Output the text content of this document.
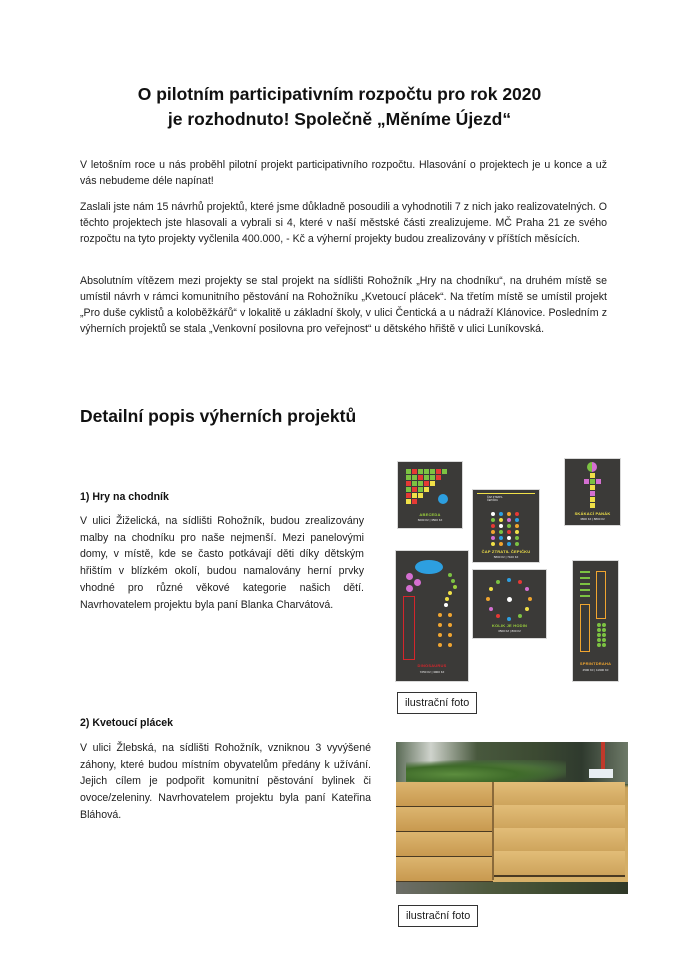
O pilotním participativním rozpočtu pro rok 2020
je rozhodnuto! Společně „Měníme Újezd“

V letošním roce u nás proběhl pilotní projekt participativního rozpočtu. Hlasování o projektech je u konce a už vás nebudeme déle napínat!

Zaslali jste nám 15 návrhů projektů, které jsme důkladně posoudili a vyhodnotili 7 z nich jako realizovatelných. O těchto projektech jste hlasovali a vybrali si 4, které v naší městské části zrealizujeme. MČ Praha 21 ze svého rozpočtu na tyto projekty vyčlenila 400.000, - Kč a výherní projekty budou zrealizovány v příštích měsících.

Absolutním vítězem mezi projekty se stal projekt na sídlišti Rohožník „Hry na chodníku“, na druhém místě se umístil návrh v rámci komunitního pěstování na Rohožníku „Kvetoucí plácek“. Na třetím místě se umístil projekt „Pro duše cyklistů a koloběžkářů“ v lokalitě u základní školy, v ulici Čentická a u nádraží Klánovice. Posledním z výherních projektů se stala „Venkovní posilovna pro veřejnost“ u dětského hřiště v ulici Luníkovská.

Detailní popis výherních projektů
1) Hry na chodník

V ulici Žiželická, na sídlišti Rohožník, budou zrealizovány malby na chodníku pro naše nejmenší. Mezi panelovými domy, v místě, kde se často potkávají děti díky dětským hřištím v blízkém okolí, budou namalovány herní prvky vhodné pro různé věkové kategorie našich dětí. Navrhovatelem projektu byla paní Blanka Charvátová.

ABECEDA
6000 Kč | 3500 Kč
ČAP ZTRATIL ČEPIČKU
ČAP ZTRATIL ČEPIČKU
5800 Kč | 7100 Kč
SKÁKACÍ PANÁK
3800 Kč | 8800 Kč
DINOSAURUS
7250 Kč | 3900 Kč
KOLIK JE HODIN
3500 Kč | 800 Kč
SPRINTDRAHA
4500 Kč | 11900 Kč
ilustrační foto
2) Kvetoucí plácek

V ulici Žlebská, na sídlišti Rohožník, vzniknou 3 vyvýšené záhony, které budou místním obyvatelům předány k užívání. Jejich cílem je podpořit komunitní pěstování bylinek či ovoce/zeleniny. Navrhovatelem projektu byla paní Kateřina Bláhová.

ilustrační foto
